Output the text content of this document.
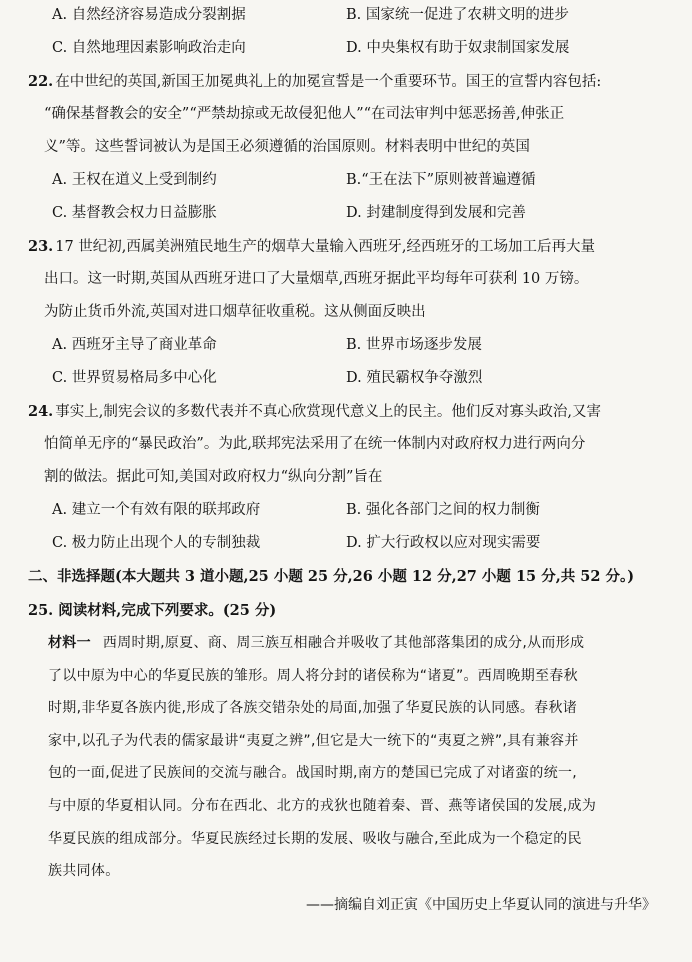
A. 自然经济容易造成分裂割据	B. 国家统一促进了农耕文明的进步
C. 自然地理因素影响政治走向	D. 中央集权有助于奴隶制国家发展
22. 在中世纪的英国,新国王加冕典礼上的加冕宣誓是一个重要环节。国王的宣誓内容包括:
“确保基督教会的安全”“严禁劫掠或无故侵犯他人”“在司法审判中惩恶扬善,伸张正
义”等。这些誓词被认为是国王必须遵循的治国原则。材料表明中世纪的英国
A. 王权在道义上受到制约	B.“王在法下”原则被普遍遵循
C. 基督教会权力日益膨胀	D. 封建制度得到发展和完善
23. 17 世纪初,西属美洲殖民地生产的烟草大量输入西班牙,经西班牙的工场加工后再大量
出口。这一时期,英国从西班牙进口了大量烟草,西班牙据此平均每年可获利 10 万镑。
为防止货币外流,英国对进口烟草征收重税。这从侧面反映出
A. 西班牙主导了商业革命	B. 世界市场逐步发展
C. 世界贸易格局多中心化	D. 殖民霸权争夺激烈
24. 事实上,制宪会议的多数代表并不真心欣赏现代意义上的民主。他们反对寡头政治,又害
怕简单无序的“暴民政治”。为此,联邦宪法采用了在统一体制内对政府权力进行两向分
割的做法。据此可知,美国对政府权力“纵向分割”旨在
A. 建立一个有效有限的联邦政府	B. 强化各部门之间的权力制衡
C. 极力防止出现个人的专制独裁	D. 扩大行政权以应对现实需要
二、非选择题(本大题共 3 道小题,25 小题 25 分,26 小题 12 分,27 小题 15 分,共 52 分。)
25. 阅读材料,完成下列要求。(25 分)
材料一 西周时期,原夏、商、周三族互相融合并吸收了其他部落集团的成分,从而形成
了以中原为中心的华夏民族的雏形。周人将分封的诸侯称为“诸夏”。西周晚期至春秋
时期,非华夏各族内徙,形成了各族交错杂处的局面,加强了华夏民族的认同感。春秋诸
家中,以孔子为代表的儒家最讲“夷夏之辨”,但它是大一统下的“夷夏之辨”,具有兼容并
包的一面,促进了民族间的交流与融合。战国时期,南方的楚国已完成了对诸蛮的统一,
与中原的华夏相认同。分布在西北、北方的戎狄也随着秦、晋、燕等诸侯国的发展,成为
华夏民族的组成部分。华夏民族经过长期的发展、吸收与融合,至此成为一个稳定的民
族共同体。
——摘编自刘正寅《中国历史上华夏认同的演进与升华》
